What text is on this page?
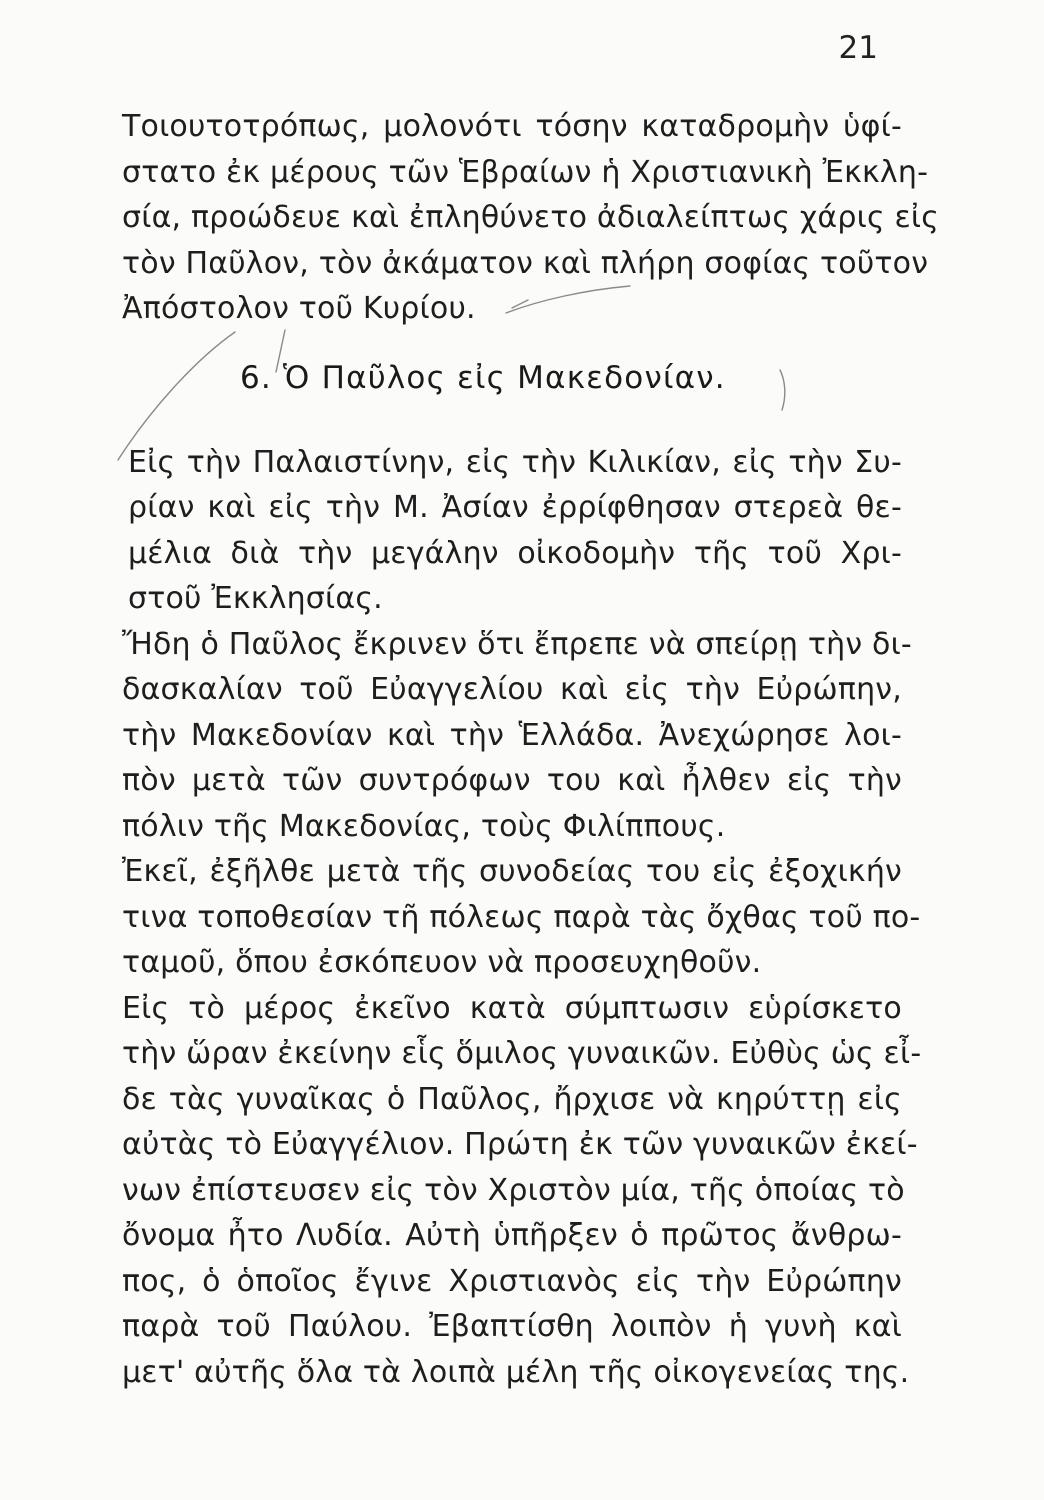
21
Τοιουτοτρόπως, μολονότι τόσην καταδρομὴν ὑφί-
στατο ἐκ μέρους τῶν Ἑβραίων ἡ Χριστιανικὴ Ἐκκλη-
σία, προώδευε καὶ ἐπληθύνετο ἀδιαλείπτως χάρις εἰς
τὸν Παῦλον, τὸν ἀκάματον καὶ πλήρη σοφίας τοῦτον
Ἀπόστολον τοῦ Κυρίου.
Εἰς τὴν Παλαιστίνην, εἰς τὴν Κιλικίαν, εἰς τὴν Συ-
ρίαν καὶ εἰς τὴν Μ. Ἀσίαν ἐρρίφθησαν στερεὰ θε-
μέλια διὰ τὴν μεγάλην οἰκοδομὴν τῆς τοῦ Χρι-
στοῦ Ἐκκλησίας.
Ἤδη ὁ Παῦλος ἔκρινεν ὅτι ἔπρεπε νὰ σπείρῃ τὴν δι-
δασκαλίαν τοῦ Εὐαγγελίου καὶ εἰς τὴν Εὐρώπην,
τὴν Μακεδονίαν καὶ τὴν Ἑλλάδα. Ἀνεχώρησε λοι-
πὸν μετὰ τῶν συντρόφων του καὶ ἦλθεν εἰς τὴν
πόλιν τῆς Μακεδονίας, τοὺς Φιλίππους.
Ἐκεῖ, ἐξῆλθε μετὰ τῆς συνοδείας του εἰς ἐξοχικήν
τινα τοποθεσίαν τῆ πόλεως παρὰ τὰς ὄχθας τοῦ πο-
ταμοῦ, ὅπου ἐσκόπευον νὰ προσευχηθοῦν.
Εἰς τὸ μέρος ἐκεῖνο κατὰ σύμπτωσιν εὑρίσκετο
τὴν ὥραν ἐκείνην εἷς ὅμιλος γυναικῶν. Εὐθὺς ὡς εἶ-
δε τὰς γυναῖκας ὁ Παῦλος, ἤρχισε νὰ κηρύττῃ εἰς
αὐτὰς τὸ Εὐαγγέλιον. Πρώτη ἐκ τῶν γυναικῶν ἐκεί-
νων ἐπίστευσεν εἰς τὸν Χριστὸν μία, τῆς ὁποίας τὸ
ὄνομα ἦτο Λυδία. Αὐτὴ ὑπῆρξεν ὁ πρῶτος ἄνθρω-
πος, ὁ ὁποῖος ἔγινε Χριστιανὸς εἰς τὴν Εὐρώπην
παρὰ τοῦ Παύλου. Ἐβαπτίσθη λοιπὸν ἡ γυνὴ καὶ
μετ' αὐτῆς ὅλα τὰ λοιπὰ μέλη τῆς οἰκογενείας της.
6. Ὁ Παῦλος εἰς Μακεδονίαν.
